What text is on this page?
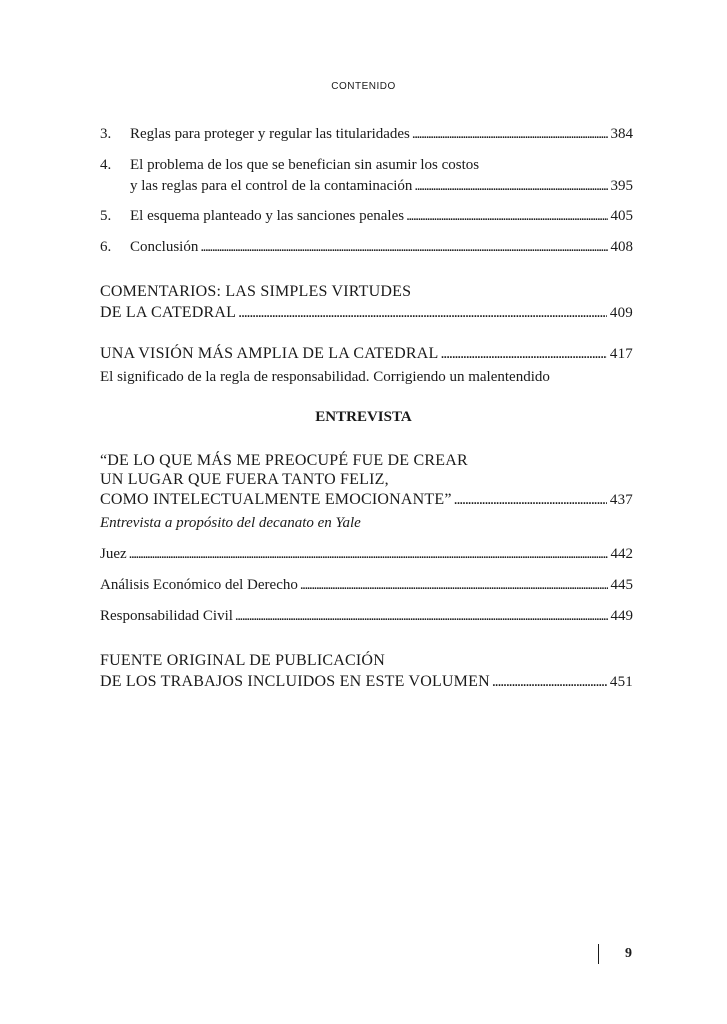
CONTENIDO
3.	Reglas para proteger y regular las titularidades . . .	384
4.	El problema de los que se benefician sin asumir los costos
y las reglas para el control de la contaminación . . .	395
5.	El esquema planteado y las sanciones penales . . .	405
6.	Conclusión . . .	408
COMENTARIOS: LAS SIMPLES VIRTUDES
DE LA CATEDRAL . . .	409
UNA VISIÓN MÁS AMPLIA DE LA CATEDRAL . . .	417
El significado de la regla de responsabilidad. Corrigiendo un malentendido
ENTREVISTA
“DE LO QUE MÁS ME PREOCUPÉ FUE DE CREAR
UN LUGAR QUE FUERA TANTO FELIZ,
COMO INTELECTUALMENTE EMOCIONANTE” . . .	437
Entrevista a propósito del decanato en Yale
Juez . . .	442
Análisis Económico del Derecho . . .	445
Responsabilidad Civil . . .	449
FUENTE ORIGINAL DE PUBLICACIÓN
DE LOS TRABAJOS INCLUIDOS EN ESTE VOLUMEN . . .	451
9
